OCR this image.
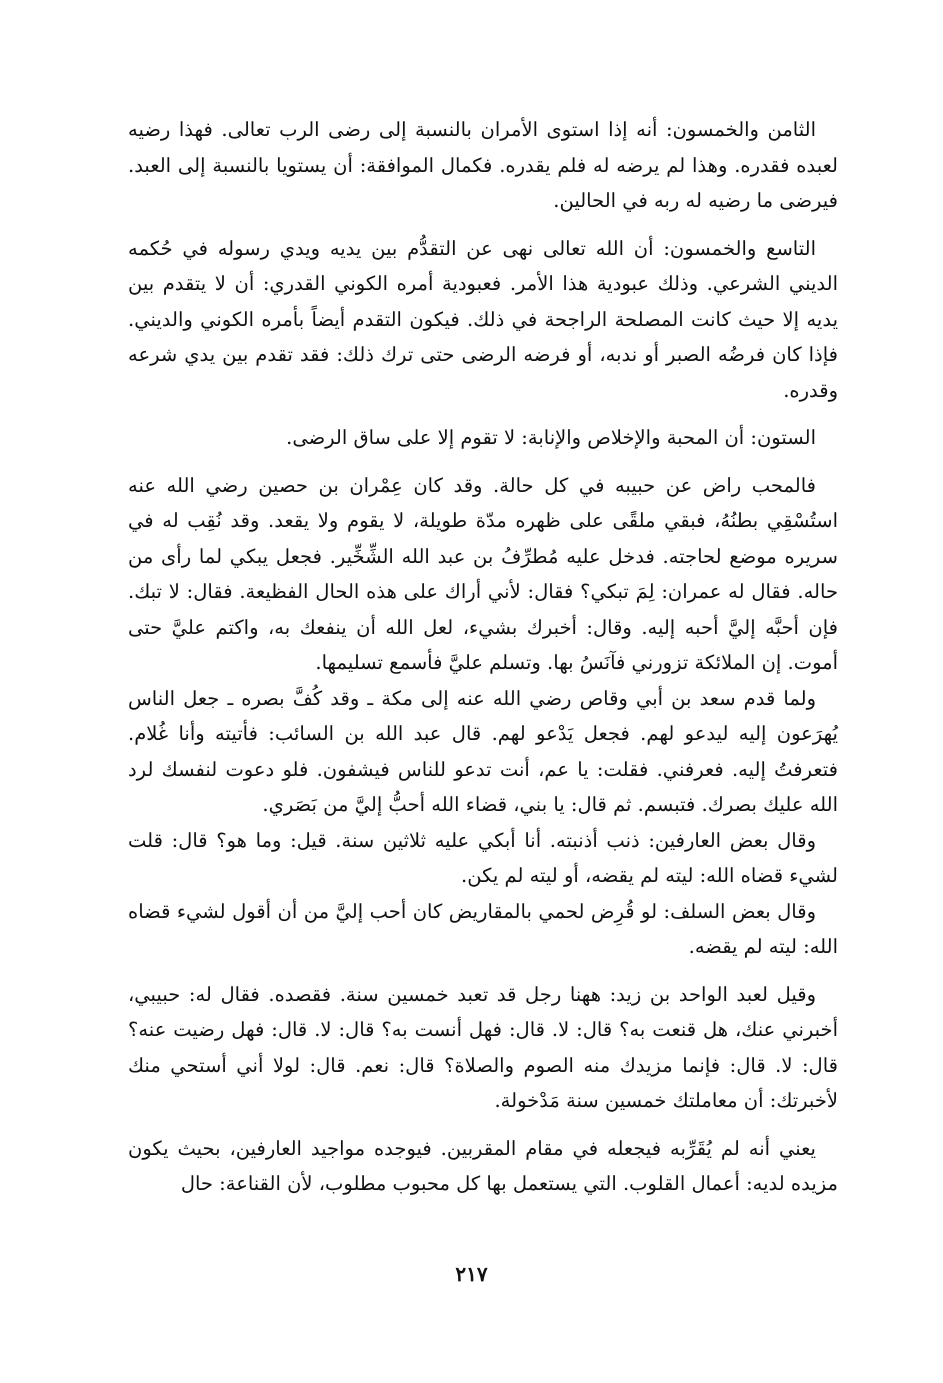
الثامن والخمسون: أنه إذا استوى الأمران بالنسبة إلى رضى الرب تعالى. فهذا رضيه لعبده فقدره. وهذا لم يرضه له فلم يقدره. فكمال الموافقة: أن يستويا بالنسبة إلى العبد. فيرضى ما رضيه له ربه في الحالين.

التاسع والخمسون: أن الله تعالى نهى عن التقدُّم بين يديه ويدي رسوله في حُكمه الديني الشرعي. وذلك عبودية هذا الأمر. فعبودية أمره الكوني القدري: أن لا يتقدم بين يديه إلا حيث كانت المصلحة الراجحة في ذلك. فيكون التقدم أيضاً بأمره الكوني والديني. فإذا كان فرضُه الصبر أو ندبه، أو فرضه الرضى حتى ترك ذلك: فقد تقدم بين يدي شرعه وقدره.

الستون: أن المحبة والإخلاص والإنابة: لا تقوم إلا على ساق الرضى.

فالمحب راض عن حبيبه في كل حالة. وقد كان عِمْران بن حصين رضي الله عنه استُسْقِي بطنُهُ، فبقي ملقًى على ظهره مدّة طويلة، لا يقوم ولا يقعد. وقد نُقِب له في سريره موضع لحاجته. فدخل عليه مُطرِّفُ بن عبد الله الشِّخِّير. فجعل يبكي لما رأى من حاله. فقال له عمران: لِمَ تبكي؟ فقال: لأني أراك على هذه الحال الفظيعة. فقال: لا تبك. فإن أحبَّه إليَّ أحبه إليه. وقال: أخبرك بشيء، لعل الله أن ينفعك به، واكتم عليَّ حتى أموت. إن الملائكة تزورني فآنَسُ بها. وتسلم عليَّ فأسمع تسليمها.

ولما قدم سعد بن أبي وقاص رضي الله عنه إلى مكة ـ وقد كُفَّ بصره ـ جعل الناس يُهرَعون إليه ليدعو لهم. فجعل يَدْعو لهم. قال عبد الله بن السائب: فأتيته وأنا غُلام. فتعرفتُ إليه. فعرفني. فقلت: يا عم، أنت تدعو للناس فيشفون. فلو دعوت لنفسك لرد الله عليك بصرك. فتبسم. ثم قال: يا بني، قضاء الله أحبُّ إليَّ من بَصَري.

وقال بعض العارفين: ذنب أذنبته. أنا أبكي عليه ثلاثين سنة. قيل: وما هو؟ قال: قلت لشيء قضاه الله: ليته لم يقضه، أو ليته لم يكن.

وقال بعض السلف: لو قُرِض لحمي بالمقاريض كان أحب إليَّ من أن أقول لشيء قضاه الله: ليته لم يقضه.

وقيل لعبد الواحد بن زيد: ههنا رجل قد تعبد خمسين سنة. فقصده. فقال له: حبيبي، أخبرني عنك، هل قنعت به؟ قال: لا. قال: فهل أنست به؟ قال: لا. قال: فهل رضيت عنه؟ قال: لا. قال: فإنما مزيدك منه الصوم والصلاة؟ قال: نعم. قال: لولا أني أستحي منك لأخبرتك: أن معاملتك خمسين سنة مَدْخولة.

يعني أنه لم يُقَرِّبه فيجعله في مقام المقربين. فيوجده مواجيد العارفين، بحيث يكون مزيده لديه: أعمال القلوب. التي يستعمل بها كل محبوب مطلوب، لأن القناعة: حال

٢١٧
